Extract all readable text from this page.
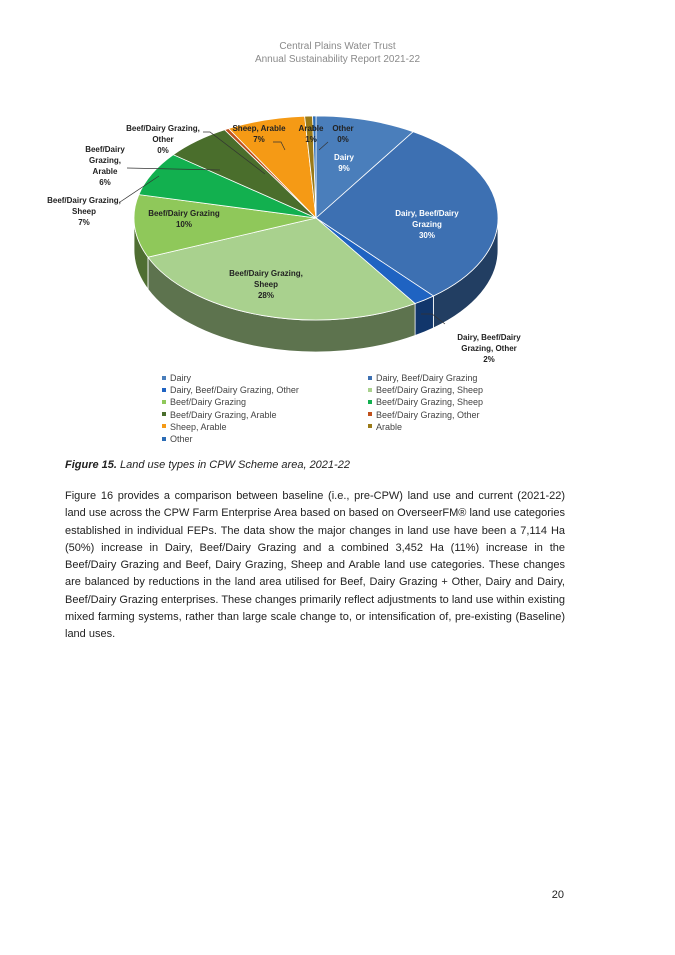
Central Plains Water Trust
Annual Sustainability Report 2021-22
Dairy 9%
Dairy, Beef/Dairy Grazing 30%
Dairy, Beef/Dairy Grazing, Other 2%
Beef/Dairy Grazing, Sheep 28%
Beef/Dairy Grazing 10%
Beef/Dairy Grazing, Sheep 7%
Beef/Dairy Grazing, Arable 6%
Beef/Dairy Grazing, Other 0%
Sheep, Arable 7%
Arable 1%
Other 0%
Dairy	Dairy, Beef/Dairy Grazing
Dairy, Beef/Dairy Grazing, Other	Beef/Dairy Grazing, Sheep
Beef/Dairy Grazing	Beef/Dairy Grazing, Sheep
Beef/Dairy Grazing, Arable	Beef/Dairy Grazing, Other
Sheep, Arable	Arable
Other
Figure 15. Land use types in CPW Scheme area, 2021-22
Figure 16 provides a comparison between baseline (i.e., pre-CPW) land use and current (2021-22) land use across the CPW Farm Enterprise Area based on based on OverseerFM® land use categories established in individual FEPs. The data show the major changes in land use have been a 7,114 Ha (50%) increase in Dairy, Beef/Dairy Grazing and a combined 3,452 Ha (11%) increase in the Beef/Dairy Grazing and Beef, Dairy Grazing, Sheep and Arable land use categories. These changes are balanced by reductions in the land area utilised for Beef, Dairy Grazing + Other, Dairy and Dairy, Beef/Dairy Grazing enterprises. These changes primarily reflect adjustments to land use within existing mixed farming systems, rather than large scale change to, or intensification of, pre-existing (Baseline) land uses.
20
